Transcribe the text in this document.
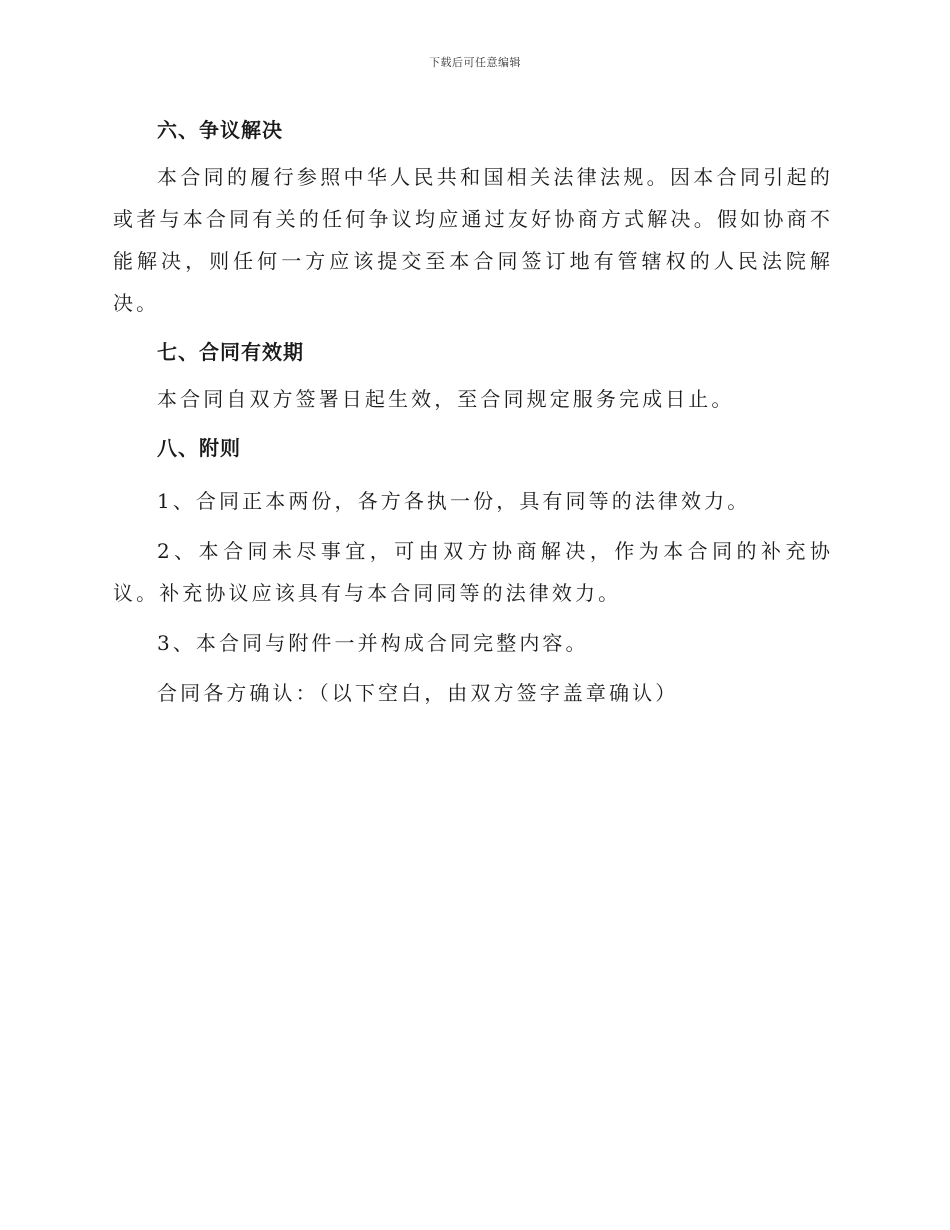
下载后可任意编辑

六、争议解决

本合同的履行参照中华人民共和国相关法律法规。因本合同引起的或者与本合同有关的任何争议均应通过友好协商方式解决。假如协商不能解决，则任何一方应该提交至本合同签订地有管辖权的人民法院解决。

七、合同有效期

本合同自双方签署日起生效，至合同规定服务完成日止。

八、附则

1、合同正本两份，各方各执一份，具有同等的法律效力。

2、本合同未尽事宜，可由双方协商解决，作为本合同的补充协议。补充协议应该具有与本合同同等的法律效力。

3、本合同与附件一并构成合同完整内容。

合同各方确认：（以下空白，由双方签字盖章确认）
